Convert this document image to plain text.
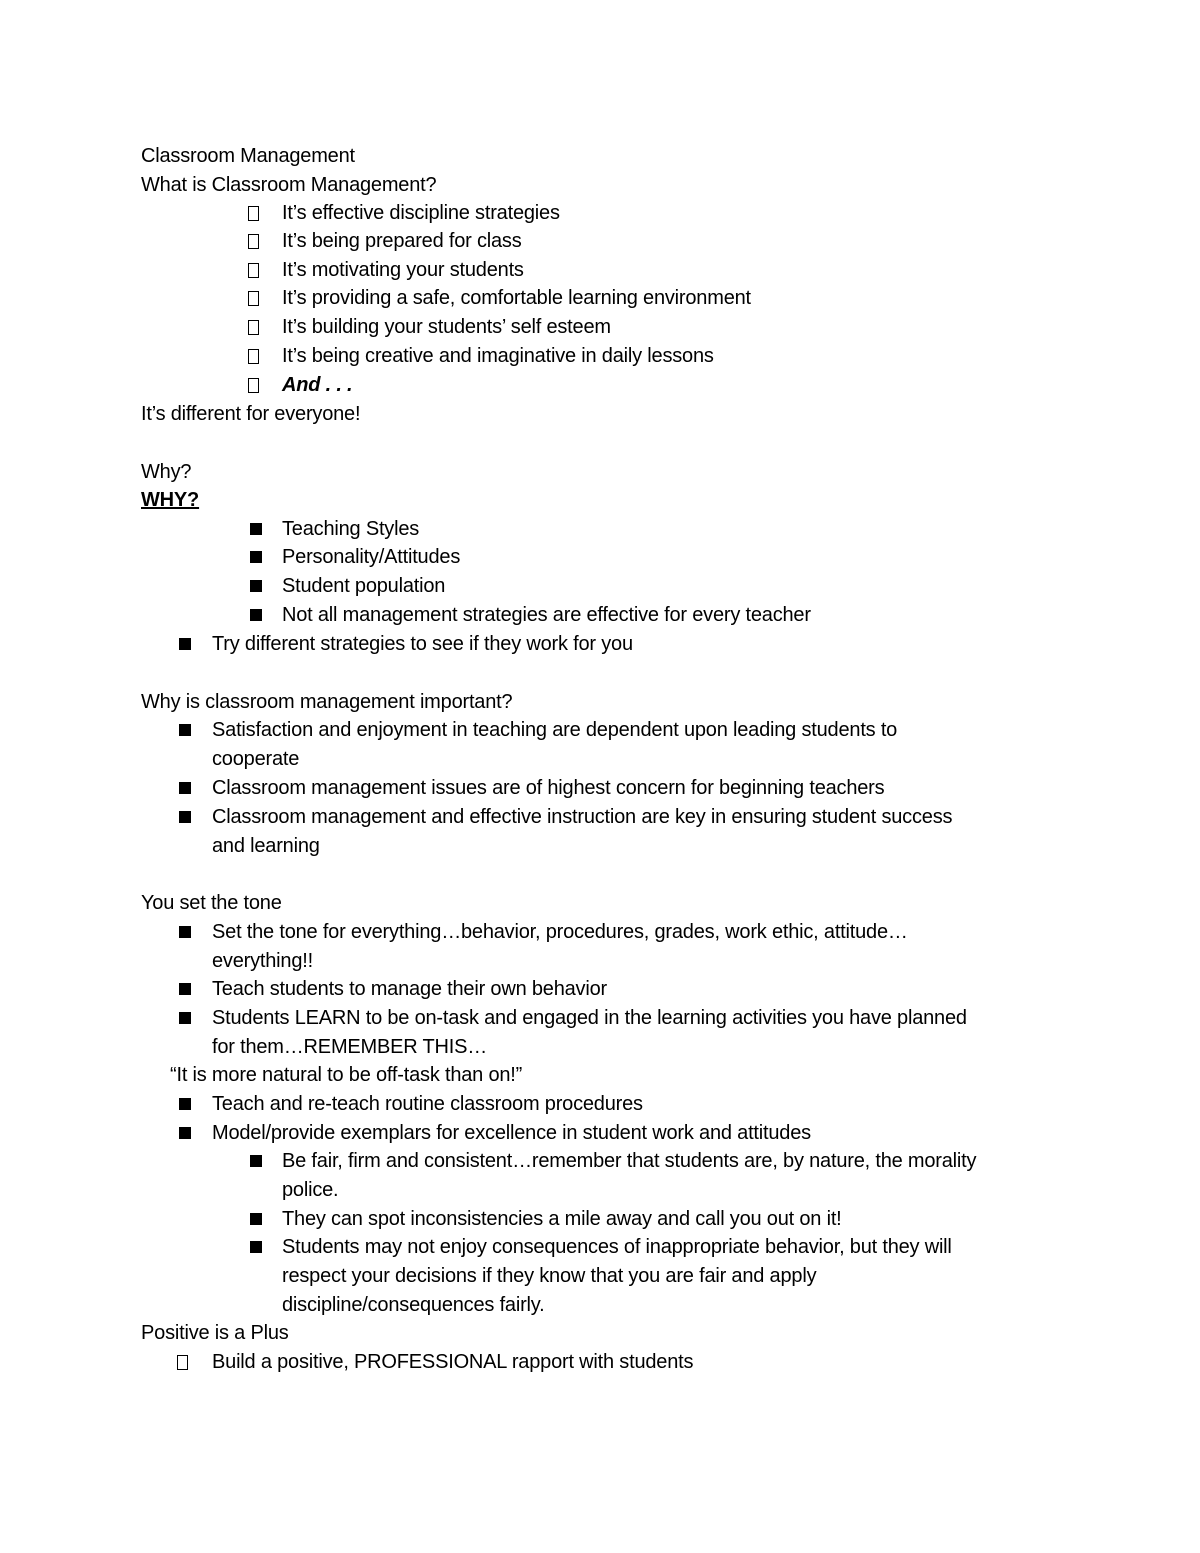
Classroom Management
What is Classroom Management?
It’s effective discipline strategies
It’s being prepared for class
It’s motivating your students
It’s providing a safe, comfortable learning environment
It’s building your students’ self esteem
It’s being creative and imaginative in daily lessons
And . . .
It’s different for everyone!
Why?
WHY?
Teaching Styles
Personality/Attitudes
Student population
Not all management strategies are effective for every teacher
Try different strategies to see if they work for you
Why is classroom management important?
Satisfaction and enjoyment in teaching are dependent upon leading students to
cooperate
Classroom management issues are of highest concern for beginning teachers
Classroom management and effective instruction are key in ensuring student success
and learning
You set the tone
Set the tone for everything…behavior, procedures, grades, work ethic, attitude…
everything!!
Teach students to manage their own behavior
Students LEARN to be on-task and engaged in the learning activities you have planned
for them…REMEMBER THIS…
“It is more natural to be off-task than on!”
Teach and re-teach routine classroom procedures
Model/provide exemplars for excellence in student work and attitudes
Be fair, firm and consistent…remember that students are, by nature, the morality
police.
They can spot inconsistencies a mile away and call you out on it!
Students may not enjoy consequences of inappropriate behavior, but they will
respect your decisions if they know that you are fair and apply
discipline/consequences fairly.
Positive is a Plus
Build a positive, PROFESSIONAL rapport with students
